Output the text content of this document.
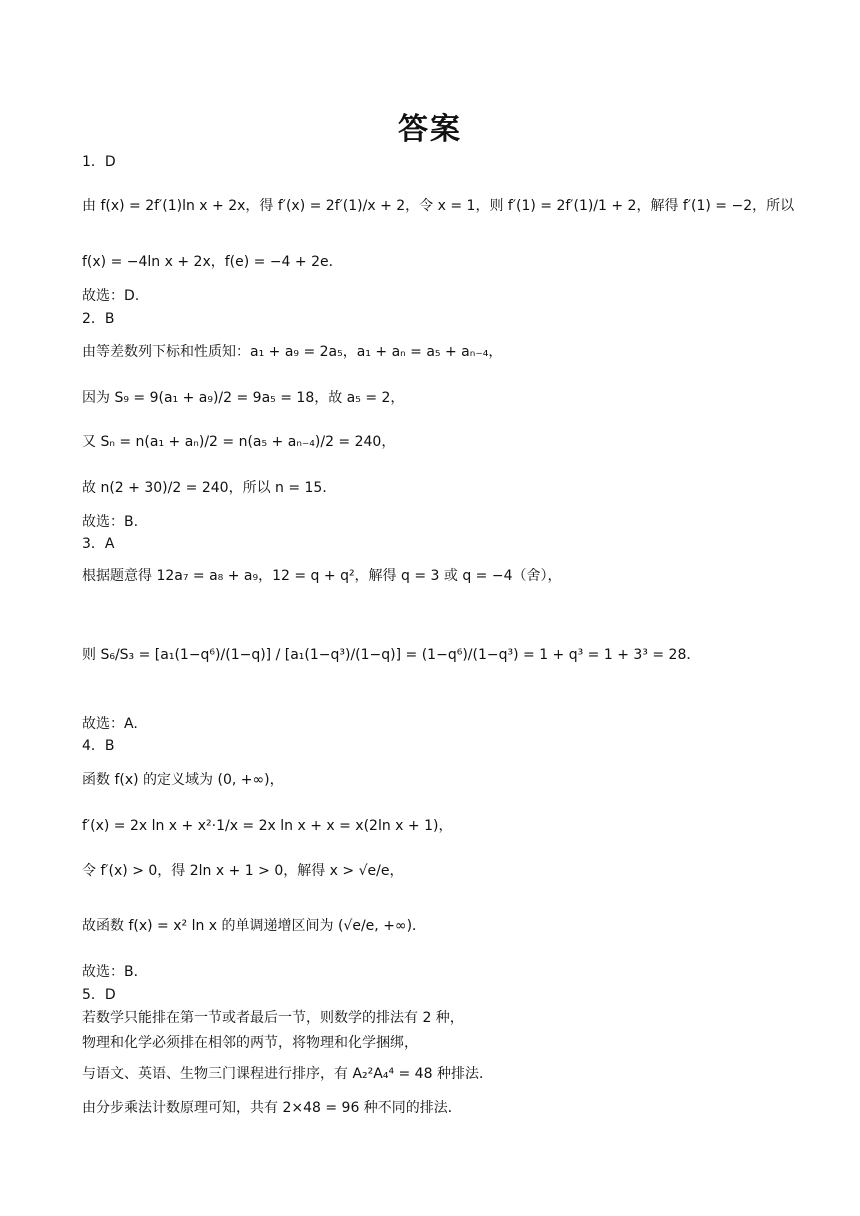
答案
1．D
由 f(x) = 2f′(1)ln x + 2x，得 f′(x) = 2f′(1)/x + 2，令 x = 1，则 f′(1) = 2f′(1)/1 + 2，解得 f′(1) = −2，所以
f(x) = −4ln x + 2x，f(e) = −4 + 2e．
故选：D.
2．B
由等差数列下标和性质知：a₁ + a₉ = 2a₅，a₁ + aₙ = a₅ + aₙ₋₄，
因为 S₉ = 9(a₁ + a₉)/2 = 9a₅ = 18，故 a₅ = 2，
又 Sₙ = n(a₁ + aₙ)/2 = n(a₅ + aₙ₋₄)/2 = 240，
故 n(2 + 30)/2 = 240，所以 n = 15．
故选：B.
3．A
根据题意得 12a₇ = a₈ + a₉，12 = q + q²，解得 q = 3 或 q = −4（舍），
则 S₆/S₃ = [a₁(1−q⁶)/(1−q)] / [a₁(1−q³)/(1−q)] = (1−q⁶)/(1−q³) = 1 + q³ = 1 + 3³ = 28．
故选：A.
4．B
函数 f(x) 的定义域为 (0, +∞)，
f′(x) = 2x ln x + x²·1/x = 2x ln x + x = x(2ln x + 1)，
令 f′(x) > 0，得 2ln x + 1 > 0，解得 x > √e/e，
故函数 f(x) = x² ln x 的单调递增区间为 (√e/e, +∞)．
故选：B．
5．D
若数学只能排在第一节或者最后一节，则数学的排法有 2 种，
物理和化学必须排在相邻的两节，将物理和化学捆绑，
与语文、英语、生物三门课程进行排序，有 A₂²A₄⁴ = 48 种排法．
由分步乘法计数原理可知，共有 2×48 = 96 种不同的排法．
